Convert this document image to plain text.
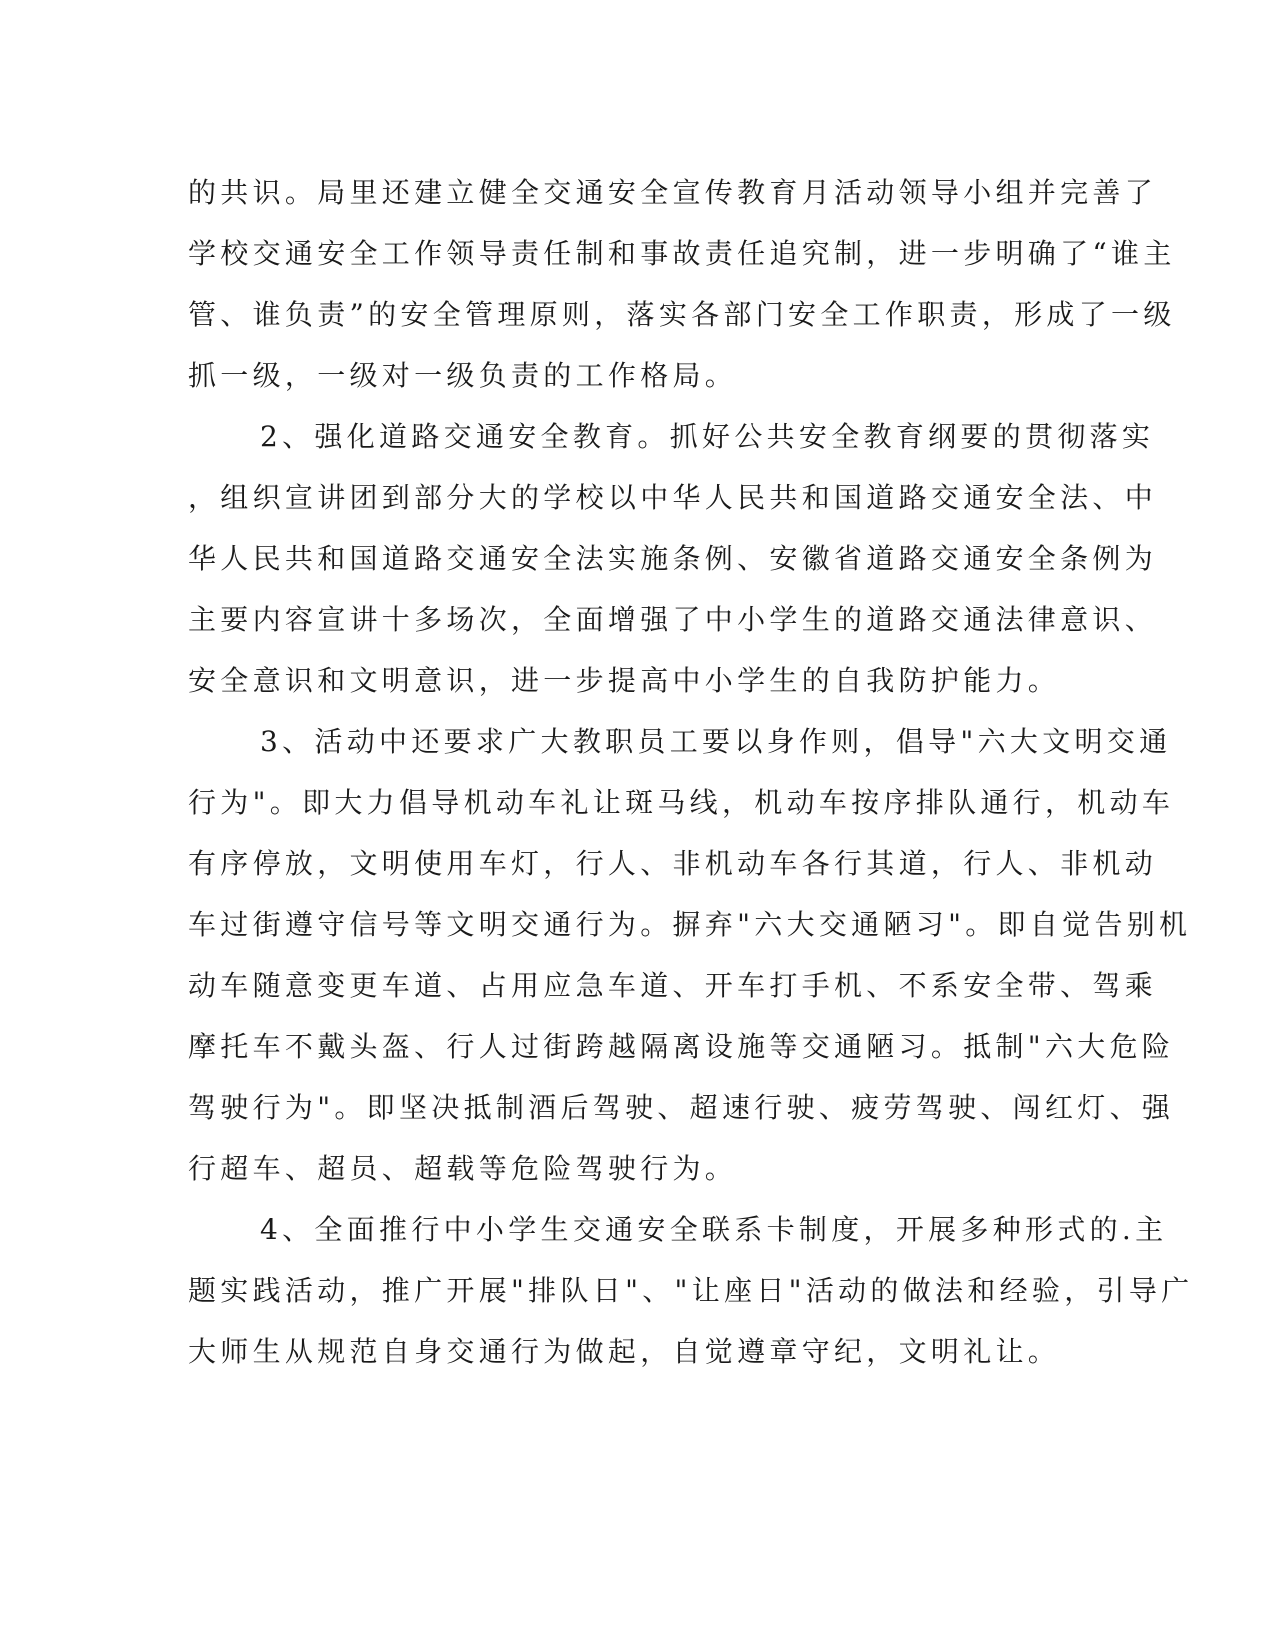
的共识。局里还建立健全交通安全宣传教育月活动领导小组并完善了
学校交通安全工作领导责任制和事故责任追究制，进一步明确了“谁主
管、谁负责”的安全管理原则，落实各部门安全工作职责，形成了一级
抓一级，一级对一级负责的工作格局。
2、强化道路交通安全教育。抓好公共安全教育纲要的贯彻落实
，组织宣讲团到部分大的学校以中华人民共和国道路交通安全法、中
华人民共和国道路交通安全法实施条例、安徽省道路交通安全条例为
主要内容宣讲十多场次，全面增强了中小学生的道路交通法律意识、
安全意识和文明意识，进一步提高中小学生的自我防护能力。
3、活动中还要求广大教职员工要以身作则，倡导"六大文明交通
行为"。即大力倡导机动车礼让斑马线，机动车按序排队通行，机动车
有序停放，文明使用车灯，行人、非机动车各行其道，行人、非机动
车过街遵守信号等文明交通行为。摒弃"六大交通陋习"。即自觉告别机
动车随意变更车道、占用应急车道、开车打手机、不系安全带、驾乘
摩托车不戴头盔、行人过街跨越隔离设施等交通陋习。抵制"六大危险
驾驶行为"。即坚决抵制酒后驾驶、超速行驶、疲劳驾驶、闯红灯、强
行超车、超员、超载等危险驾驶行为。
4、全面推行中小学生交通安全联系卡制度，开展多种形式的.主
题实践活动，推广开展"排队日"、"让座日"活动的做法和经验，引导广
大师生从规范自身交通行为做起，自觉遵章守纪，文明礼让。
